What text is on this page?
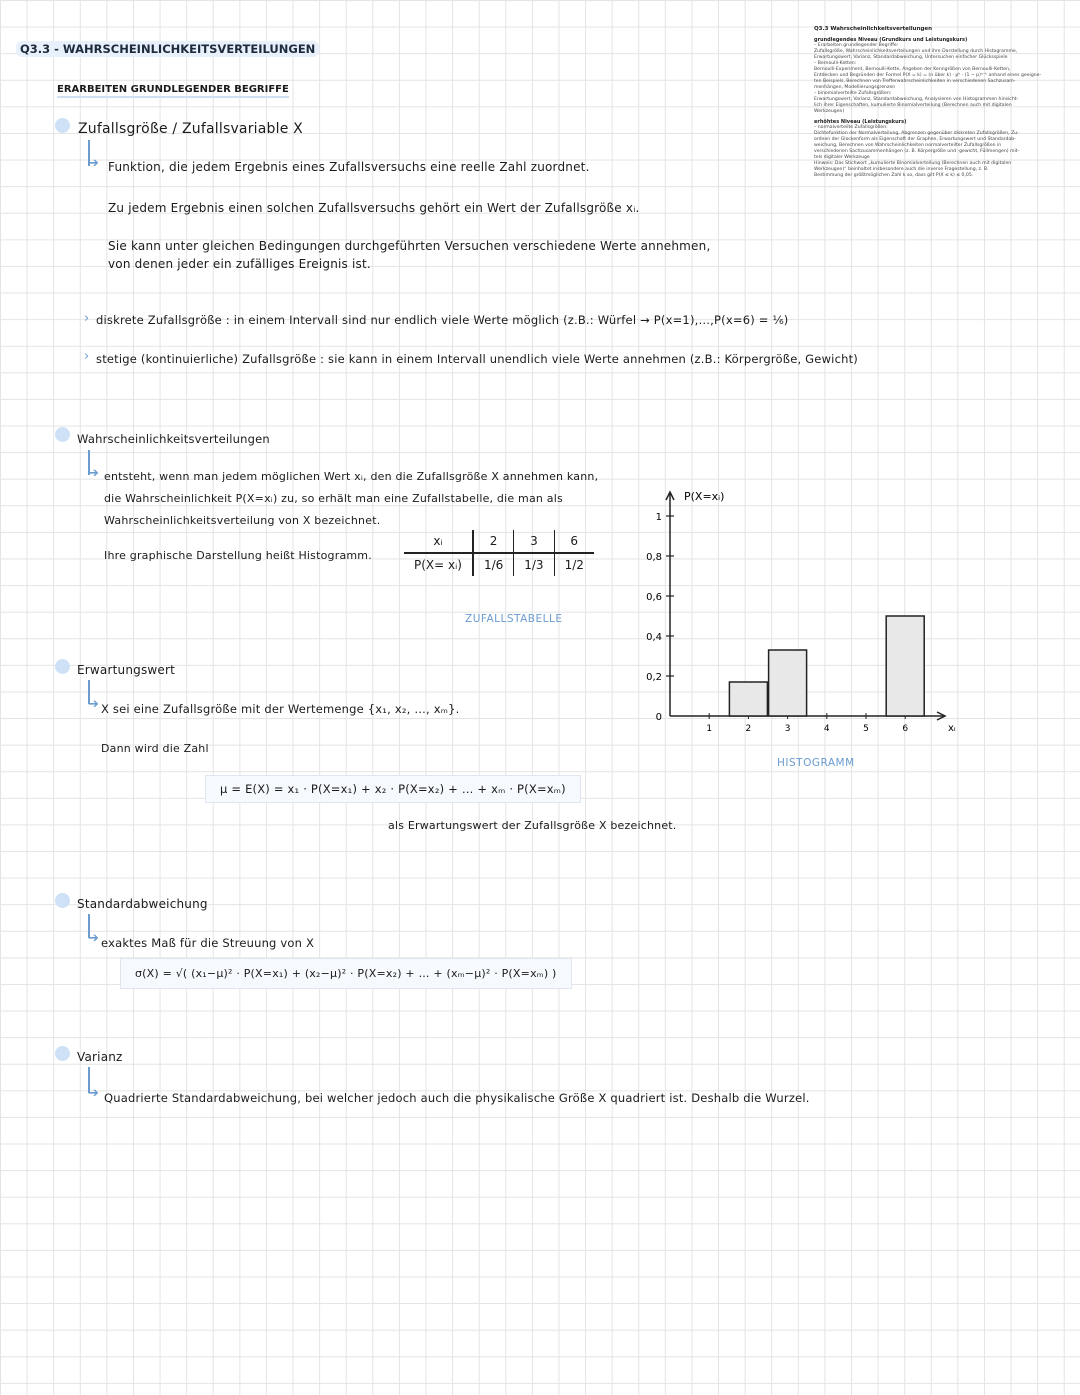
Q3.3 - WAHRSCHEINLICHKEITSVERTEILUNGEN
ERARBEITEN GRUNDLEGENDER BEGRIFFE
Q3.3 Wahrscheinlichkeitsverteilungen
grundlegendes Niveau (Grundkurs und Leistungskurs)
– Erarbeiten grundlegender Begriffe:
Zufallsgröße, Wahrscheinlichkeitsverteilungen und ihre Darstellung durch Histogramme,
Erwartungswert, Varianz, Standardabweichung, Untersuchen einfacher Glücksspiele
– Bernoulli-Ketten:
Bernoulli-Experiment, Bernoulli-Kette, Angeben der Kenngrößen von Bernoulli-Ketten,
Entdecken und Begründen der Formel P(X = k) = (n über k) · pᵏ · (1 − p)ⁿ⁻ᵏ anhand eines geeigne-
ten Beispiels, Berechnen von Trefferwahrscheinlichkeiten in verschiedenen Sachzusam-
menhängen, Modellierungsgrenzen
– binomialverteilte Zufallsgrößen:
Erwartungswert, Varianz, Standardabweichung, Analysieren von Histogrammen hinsicht-
lich ihrer Eigenschaften, kumulierte Binomialverteilung (Berechnen auch mit digitalen
Werkzeugen)
erhöhtes Niveau (Leistungskurs)
– normalverteilte Zufallsgrößen:
Dichtefunktion der Normalverteilung, Abgrenzen gegenüber diskreten Zufallsgrößen, Zu-
ordnen der Glockenform als Eigenschaft der Graphen, Erwartungswert und Standardab-
weichung, Berechnen von Wahrscheinlichkeiten normalverteilter Zufallsgrößen in
verschiedenen Sachzusammenhängen (z. B. Körpergröße und -gewicht, Füllmengen) mit-
tels digitaler Werkzeuge
Hinweis: Das Stichwort „kumulierte Binomialverteilung (Berechnen auch mit digitalen
Werkzeugen)“ beinhaltet insbesondere auch die inverse Fragestellung, z. B.
Bestimmung der größtmöglichen Zahl k so, dass gilt P(X ≤ k) ≤ 0,05.
Zufallsgröße / Zufallsvariable X
➔ Funktion, die jedem Ergebnis eines Zufallsversuchs eine reelle Zahl zuordnet.
Zu jedem Ergebnis einen solchen Zufallsversuchs gehört ein Wert der Zufallsgröße xᵢ.
Sie kann unter gleichen Bedingungen durchgeführten Versuchen verschiedene Werte annehmen,
von denen jeder ein zufälliges Ereignis ist.
› diskrete Zufallsgröße : in einem Intervall sind nur endlich viele Werte möglich (z.B.: Würfel → P(x=1),…,P(x=6) = ⅙)
› stetige (kontinuierliche) Zufallsgröße : sie kann in einem Intervall unendlich viele Werte annehmen (z.B.: Körpergröße, Gewicht)
Wahrscheinlichkeitsverteilungen
➔ entsteht, wenn man jedem möglichen Wert xᵢ, den die Zufallsgröße X annehmen kann,
die Wahrscheinlichkeit P(X=xᵢ) zu, so erhält man eine Zufallstabelle, die man als
Wahrscheinlichkeitsverteilung von X bezeichnet.
Ihre graphische Darstellung heißt Histogramm.
xᵢ	2	3	6
P(X= xᵢ)	1/6	1/3	1/2
ZUFALLSTABELLE
0
0,2
0,4
0,6
0,8
1
1	2	3	4	5	6
P(X=xᵢ)
xᵢ
HISTOGRAMM
Erwartungswert
➔ X sei eine Zufallsgröße mit der Wertemenge {x₁, x₂, …, xₘ}.
Dann wird die Zahl
μ = E(X) = x₁ · P(X=x₁) + x₂ · P(X=x₂) + … + xₘ · P(X=xₘ)
als Erwartungswert der Zufallsgröße X bezeichnet.
Standardabweichung
➔ exaktes Maß für die Streuung von X
σ(X) = √( (x₁−μ)² · P(X=x₁) + (x₂−μ)² · P(X=x₂) + … + (xₘ−μ)² · P(X=xₘ) )
Varianz
➔ Quadrierte Standardabweichung, bei welcher jedoch auch die physikalische Größe X quadriert ist. Deshalb die Wurzel.
